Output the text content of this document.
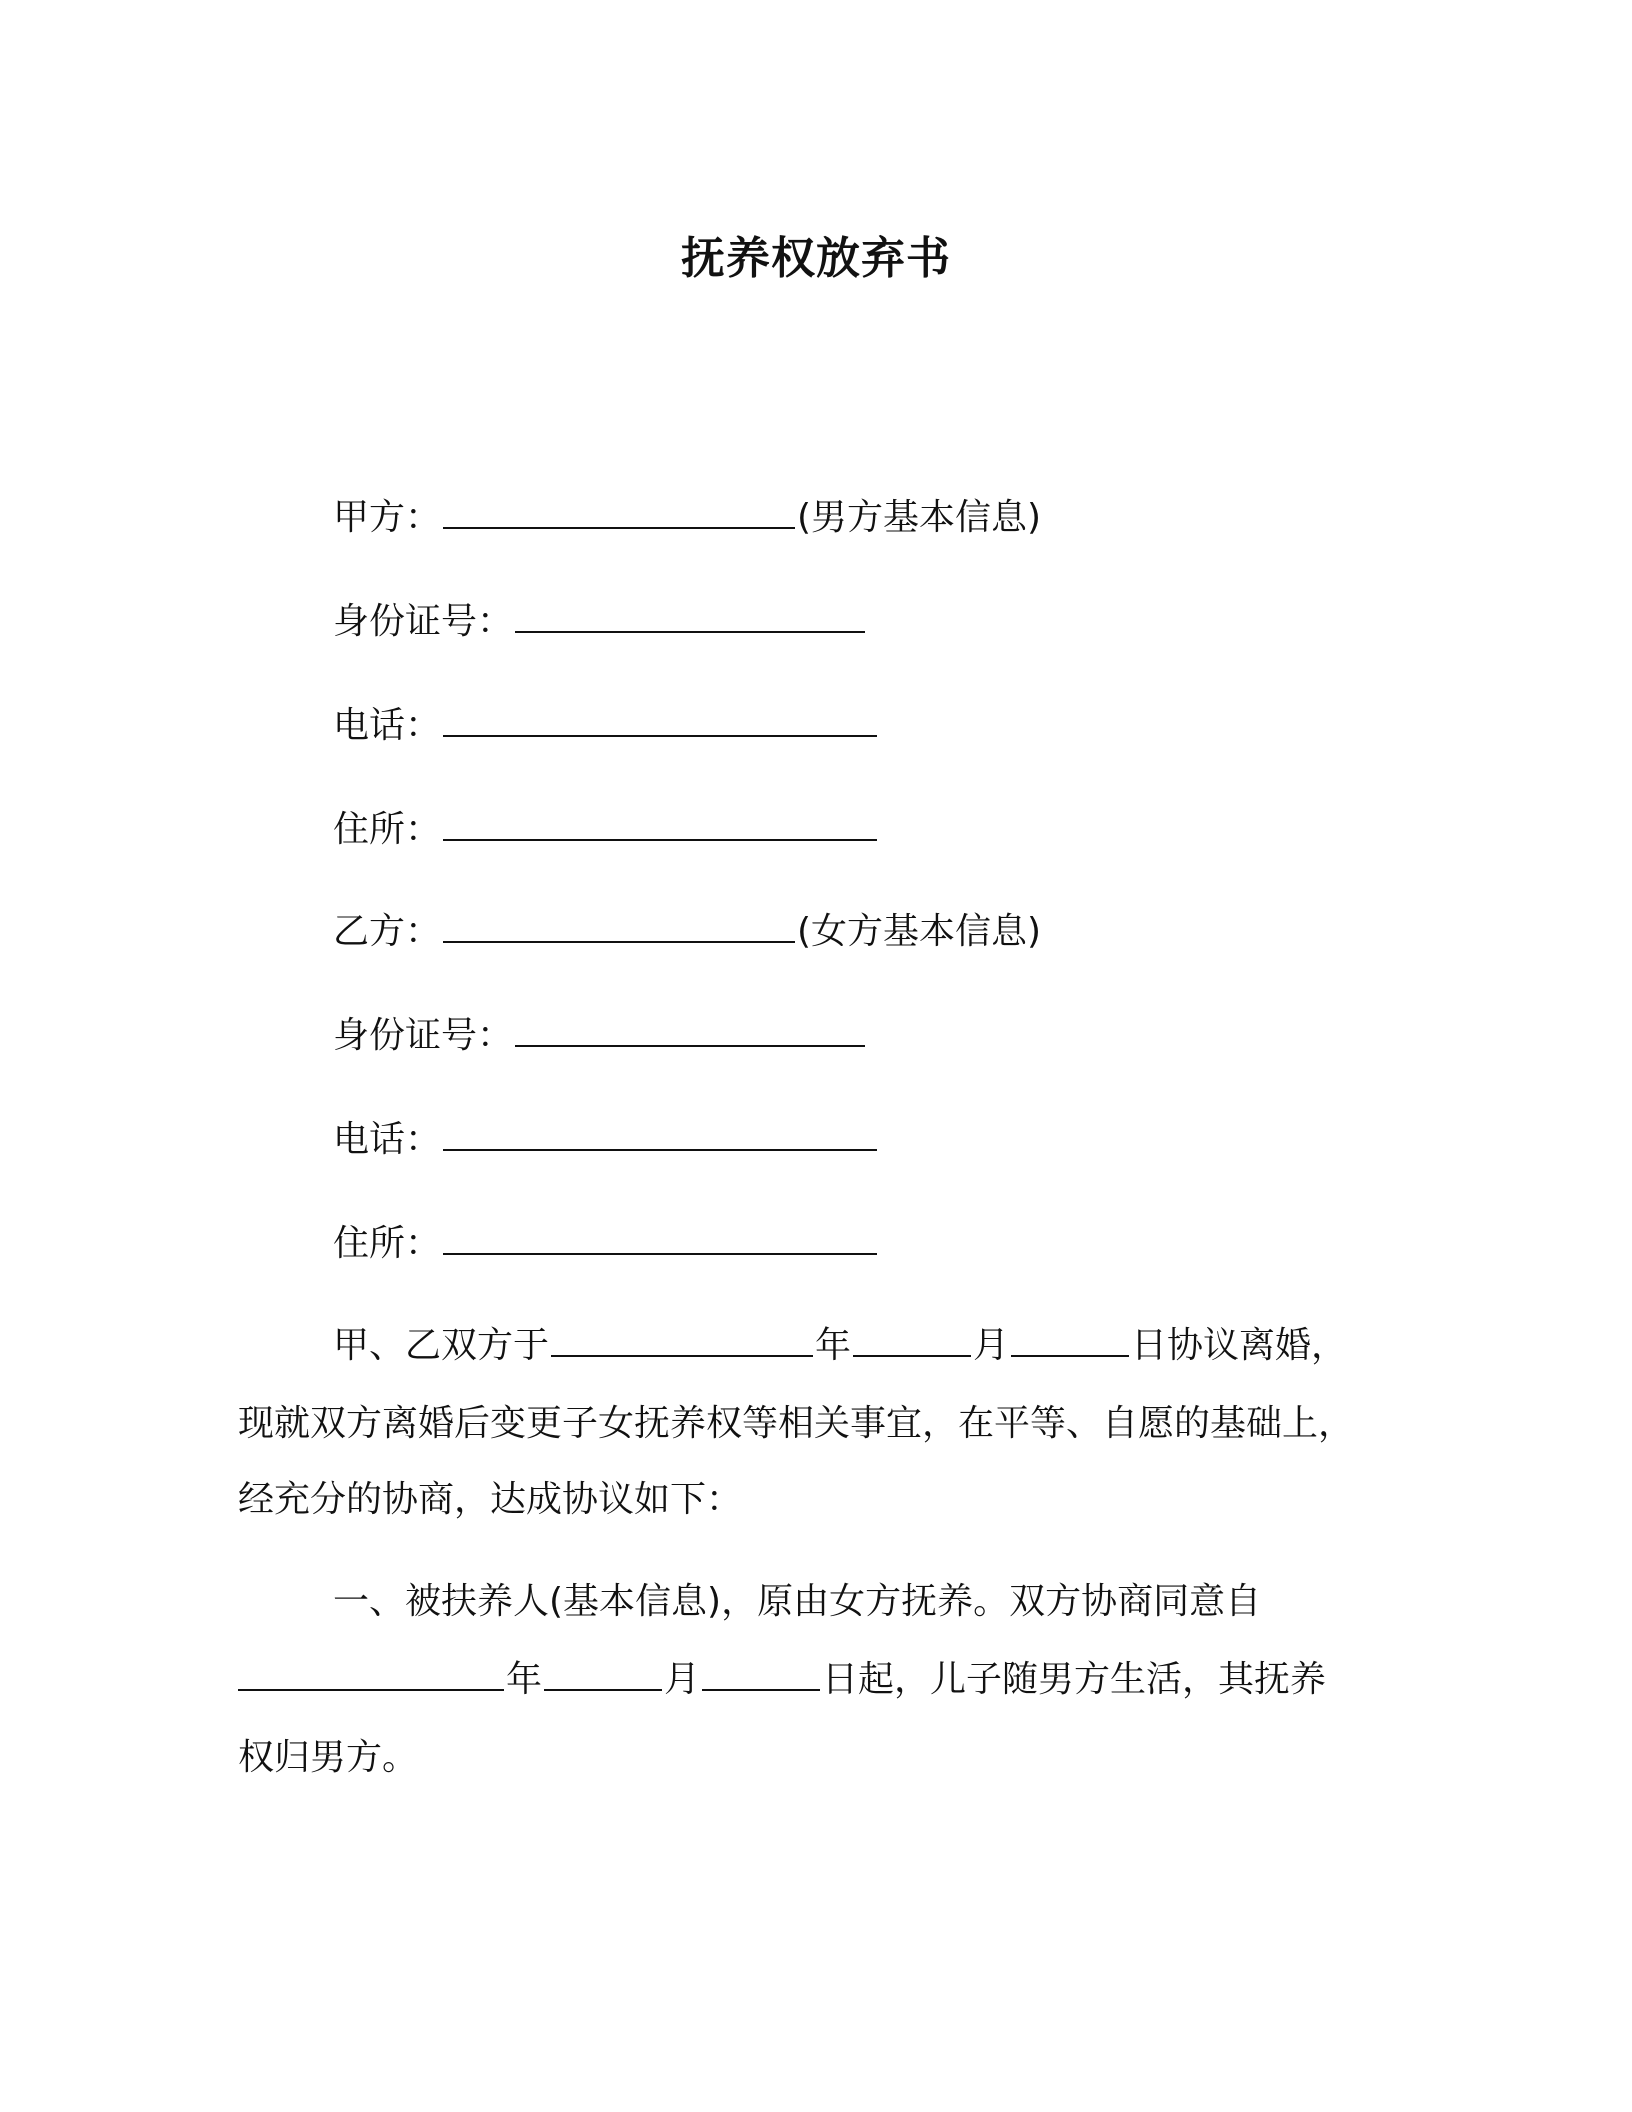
抚养权放弃书
甲方：	(男方基本信息)
身份证号：
电话：
住所：
乙方：	(女方基本信息)
身份证号：
电话：
住所：
甲、乙双方于	年	月	日协议离婚，
现就双方离婚后变更子女抚养权等相关事宜，在平等、自愿的基础上，
经充分的协商，达成协议如下：
一、被扶养人(基本信息)，原由女方抚养。双方协商同意自
年	月	日起，儿子随男方生活，其抚养
权归男方。
